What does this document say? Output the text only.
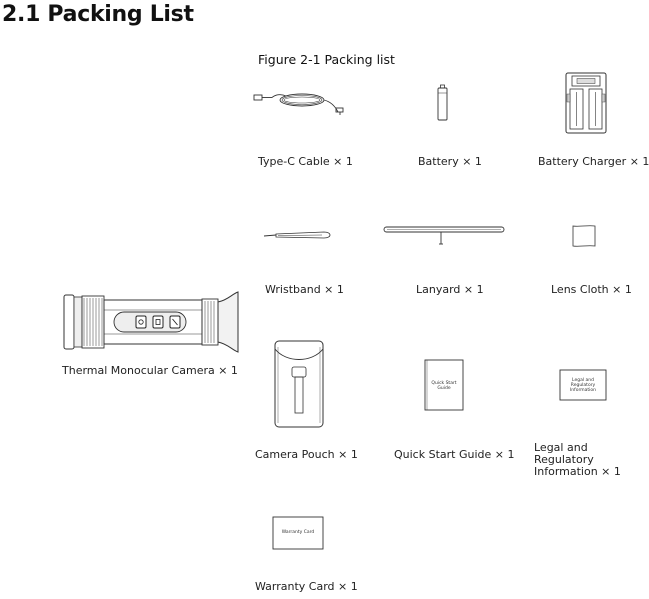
2.1 Packing List
Figure 2-1 Packing list
Type-C Cable × 1	Battery × 1	Battery Charger × 1
Wristband × 1	Lanyard × 1	Lens Cloth × 1
Thermal Monocular Camera × 1
Camera Pouch × 1
Quick Start Guide
Quick Start Guide × 1
Legal and Regulatory
Information
Legal and Regulatory
Information × 1
Warranty Card
Warranty Card × 1
